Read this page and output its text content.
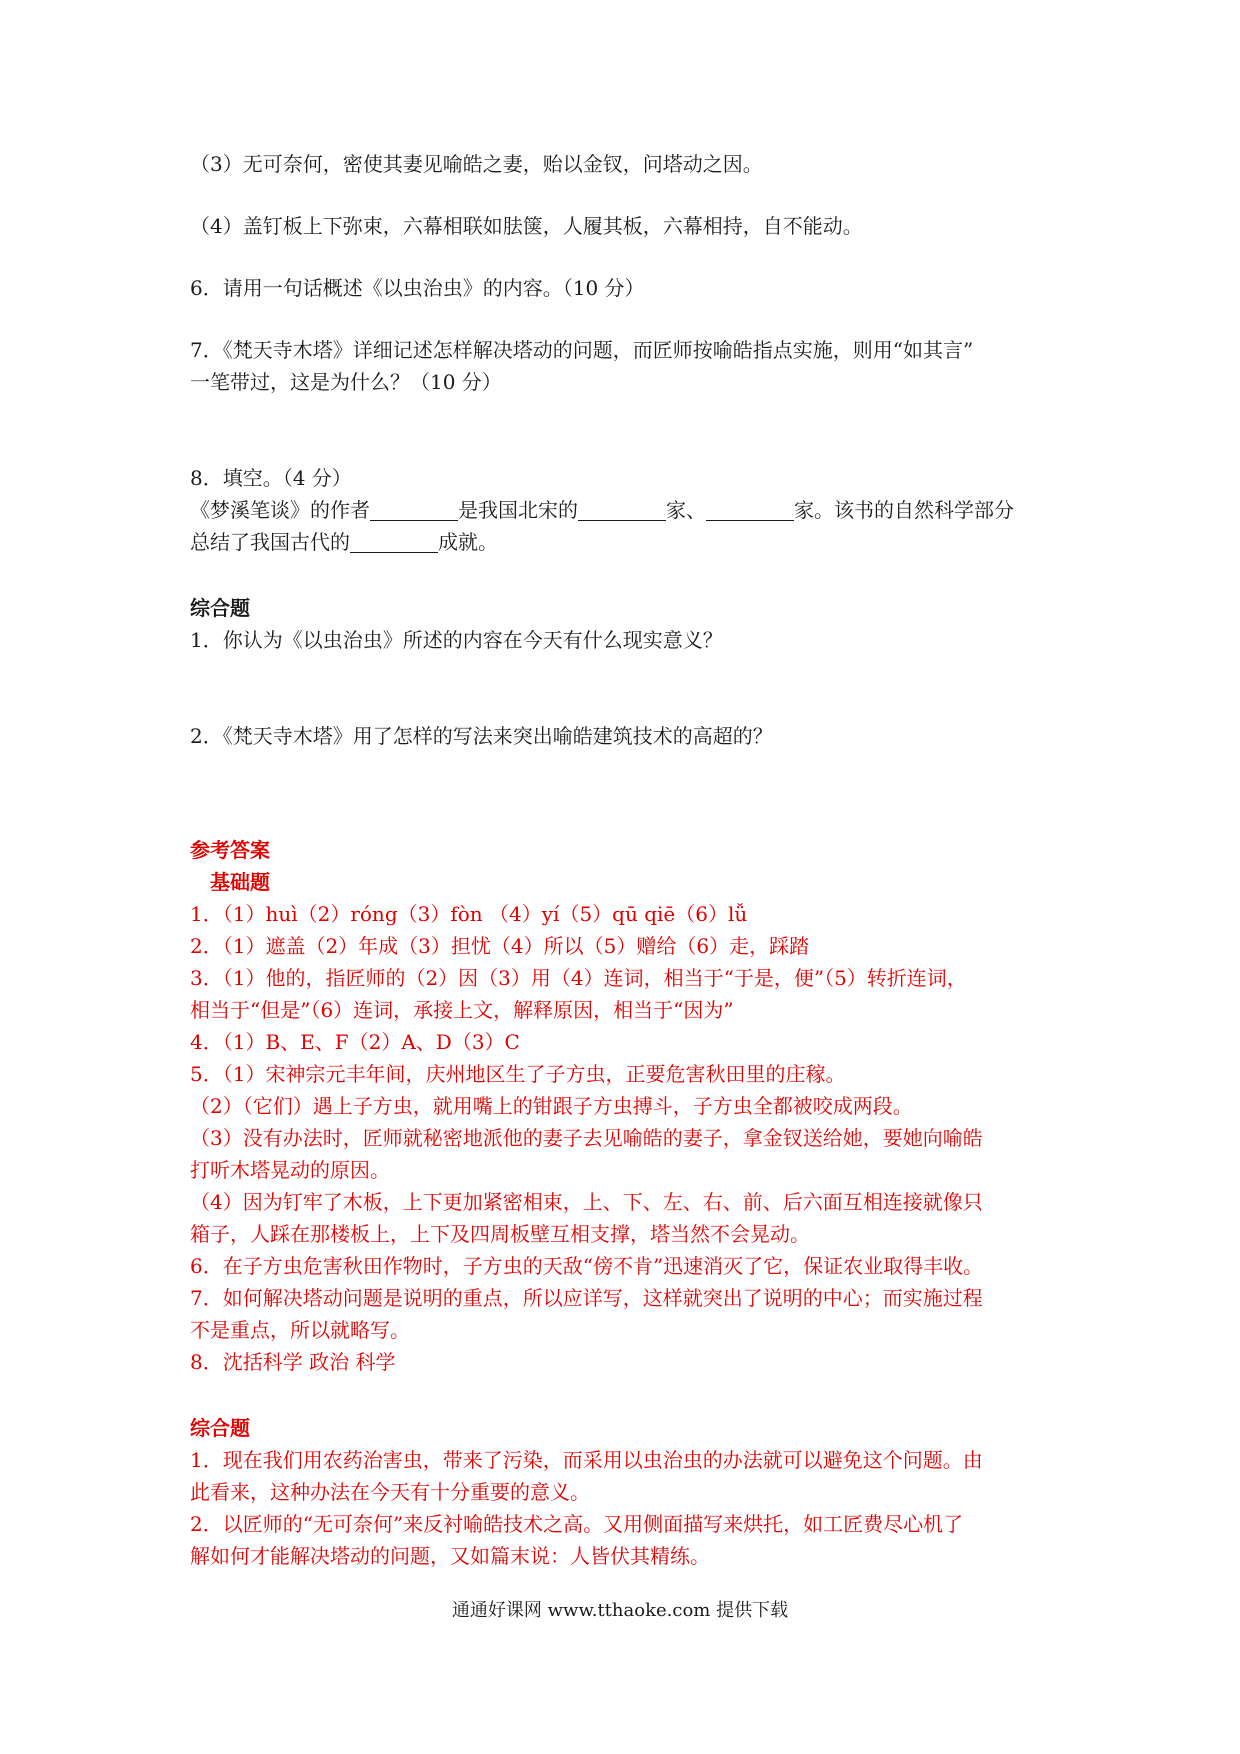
（3）无可奈何，密使其妻见喻皓之妻，贻以金钗，问塔动之因。
（4）盖钉板上下弥束，六幕相联如胠箧，人履其板，六幕相持，自不能动。
6．请用一句话概述《以虫治虫》的内容。（10 分）
7．《梵天寺木塔》详细记述怎样解决塔动的问题，而匠师按喻皓指点实施，则用“如其言”
一笔带过，这是为什么？（10 分）
8．填空。（4 分）
《梦溪笔谈》的作者	是我国北宋的	家、	家。该书的自然科学部分
总结了我国古代的	成就。
综合题
1．你认为《以虫治虫》所述的内容在今天有什么现实意义？
2．《梵天寺木塔》用了怎样的写法来突出喻皓建筑技术的高超的？
参考答案
基础题
1．（1）huì（2）róng（3）fòn （4）yí（5）qū qiē（6）lǚ
2．（1）遮盖（2）年成（3）担忧（4）所以（5）赠给（6）走，踩踏
3．（1）他的，指匠师的（2）因（3）用（4）连词，相当于“于是，便”（5）转折连词，
相当于“但是”（6）连词，承接上文，解释原因，相当于“因为”
4．（1）B、E、F（2）A、D（3）C
5．（1）宋神宗元丰年间，庆州地区生了子方虫，正要危害秋田里的庄稼。
（2）（它们）遇上子方虫，就用嘴上的钳跟子方虫搏斗，子方虫全都被咬成两段。
（3）没有办法时，匠师就秘密地派他的妻子去见喻皓的妻子，拿金钗送给她，要她向喻皓
打听木塔晃动的原因。
（4）因为钉牢了木板，上下更加紧密相束，上、下、左、右、前、后六面互相连接就像只
箱子，人踩在那楼板上，上下及四周板壁互相支撑，塔当然不会晃动。
6．在子方虫危害秋田作物时，子方虫的天敌“傍不肯”迅速消灭了它，保证农业取得丰收。
7．如何解决塔动问题是说明的重点，所以应详写，这样就突出了说明的中心；而实施过程
不是重点，所以就略写。
8．沈括科学 政治 科学
综合题
1．现在我们用农药治害虫，带来了污染，而采用以虫治虫的办法就可以避免这个问题。由
此看来，这种办法在今天有十分重要的意义。
2．以匠师的“无可奈何”来反衬喻皓技术之高。又用侧面描写来烘托，如工匠费尽心机了
解如何才能解决塔动的问题，又如篇末说：人皆伏其精练。
通通好课网 www.tthaoke.com 提供下载
